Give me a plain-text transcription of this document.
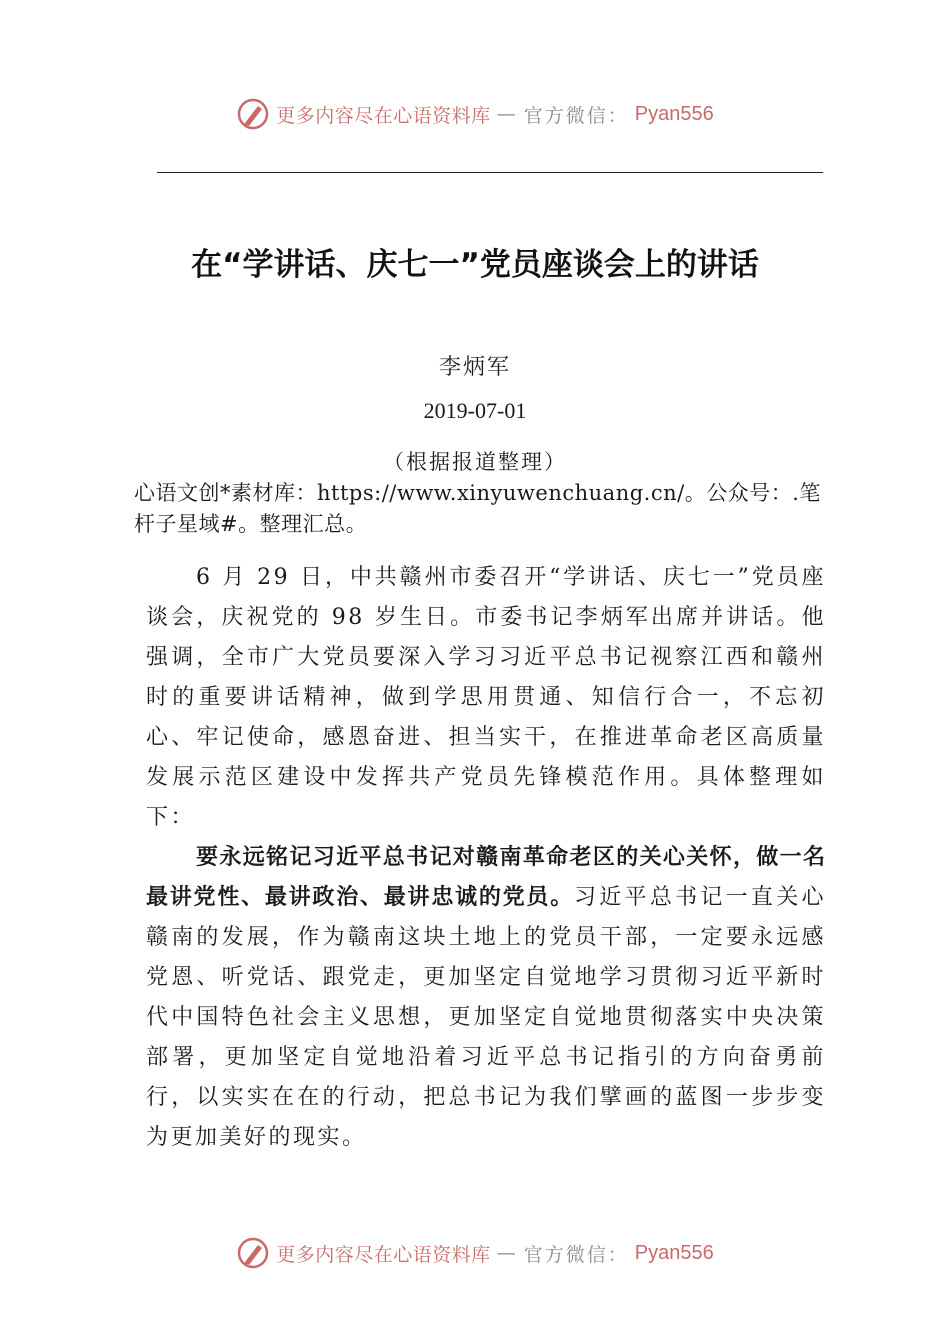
更多内容尽在心语资料库 — 官方微信： Pyan556
在“学讲话、庆七一”党员座谈会上的讲话
李炳军
2019-07-01
（根据报道整理）

心语文创*素材库：https://www.xinyuwenchuang.cn/。公众号：.笔杆子星域#。整理汇总。

6 月 29 日，中共赣州市委召开“学讲话、庆七一”党员座谈会，庆祝党的 98 岁生日。市委书记李炳军出席并讲话。他强调，全市广大党员要深入学习习近平总书记视察江西和赣州时的重要讲话精神，做到学思用贯通、知信行合一，不忘初心、牢记使命，感恩奋进、担当实干，在推进革命老区高质量发展示范区建设中发挥共产党员先锋模范作用。具体整理如下：

要永远铭记习近平总书记对赣南革命老区的关心关怀，做一名最讲党性、最讲政治、最讲忠诚的党员。习近平总书记一直关心赣南的发展，作为赣南这块土地上的党员干部，一定要永远感党恩、听党话、跟党走，更加坚定自觉地学习贯彻习近平新时代中国特色社会主义思想，更加坚定自觉地贯彻落实中央决策部署，更加坚定自觉地沿着习近平总书记指引的方向奋勇前行，以实实在在的行动，把总书记为我们擘画的蓝图一步步变为更加美好的现实。

更多内容尽在心语资料库 — 官方微信： Pyan556
